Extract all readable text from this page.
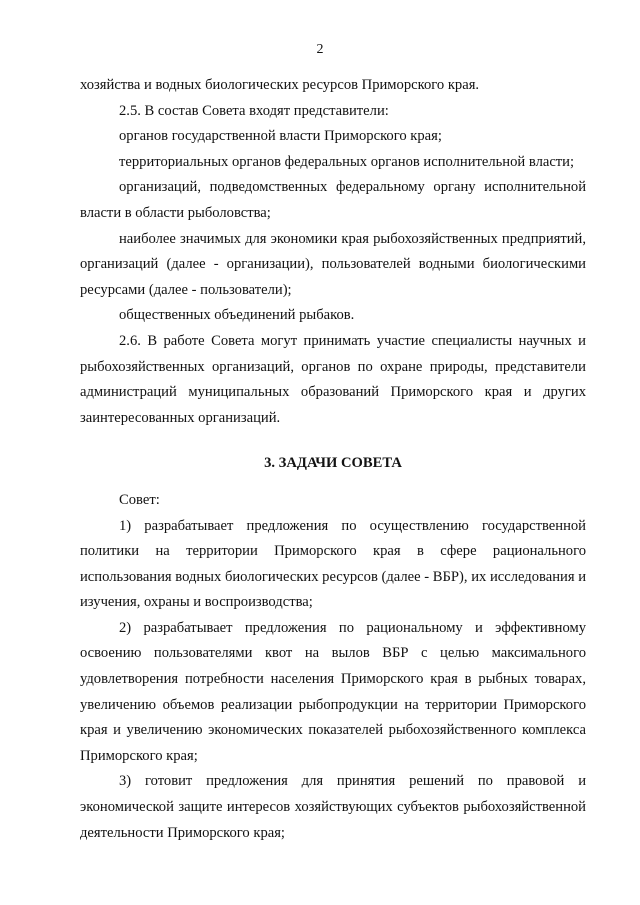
2

хозяйства и водных биологических ресурсов Приморского края.

2.5. В состав Совета входят представители:

органов государственной власти Приморского края;

территориальных органов федеральных органов исполнительной власти;

организаций, подведомственных федеральному органу исполнительной власти в области рыболовства;

наиболее значимых для экономики края рыбохозяйственных предприятий, организаций (далее - организации), пользователей водными биологическими ресурсами (далее - пользователи);

общественных объединений рыбаков.

2.6. В работе Совета могут принимать участие специалисты научных и рыбохозяйственных организаций, органов по охране природы, представители администраций муниципальных образований Приморского края и других заинтересованных организаций.

3. ЗАДАЧИ СОВЕТА

Совет:

1) разрабатывает предложения по осуществлению государственной политики на территории Приморского края в сфере рационального использования водных биологических ресурсов (далее - ВБР), их исследования и изучения, охраны и воспроизводства;

2) разрабатывает предложения по рациональному и эффективному освоению пользователями квот на вылов ВБР с целью максимального удовлетворения потребности населения Приморского края в рыбных товарах, увеличению объемов реализации рыбопродукции на территории Приморского края и увеличению экономических показателей рыбохозяйственного комплекса Приморского края;

3) готовит предложения для принятия решений по правовой и экономической защите интересов хозяйствующих субъектов рыбохозяйственной деятельности Приморского края;
